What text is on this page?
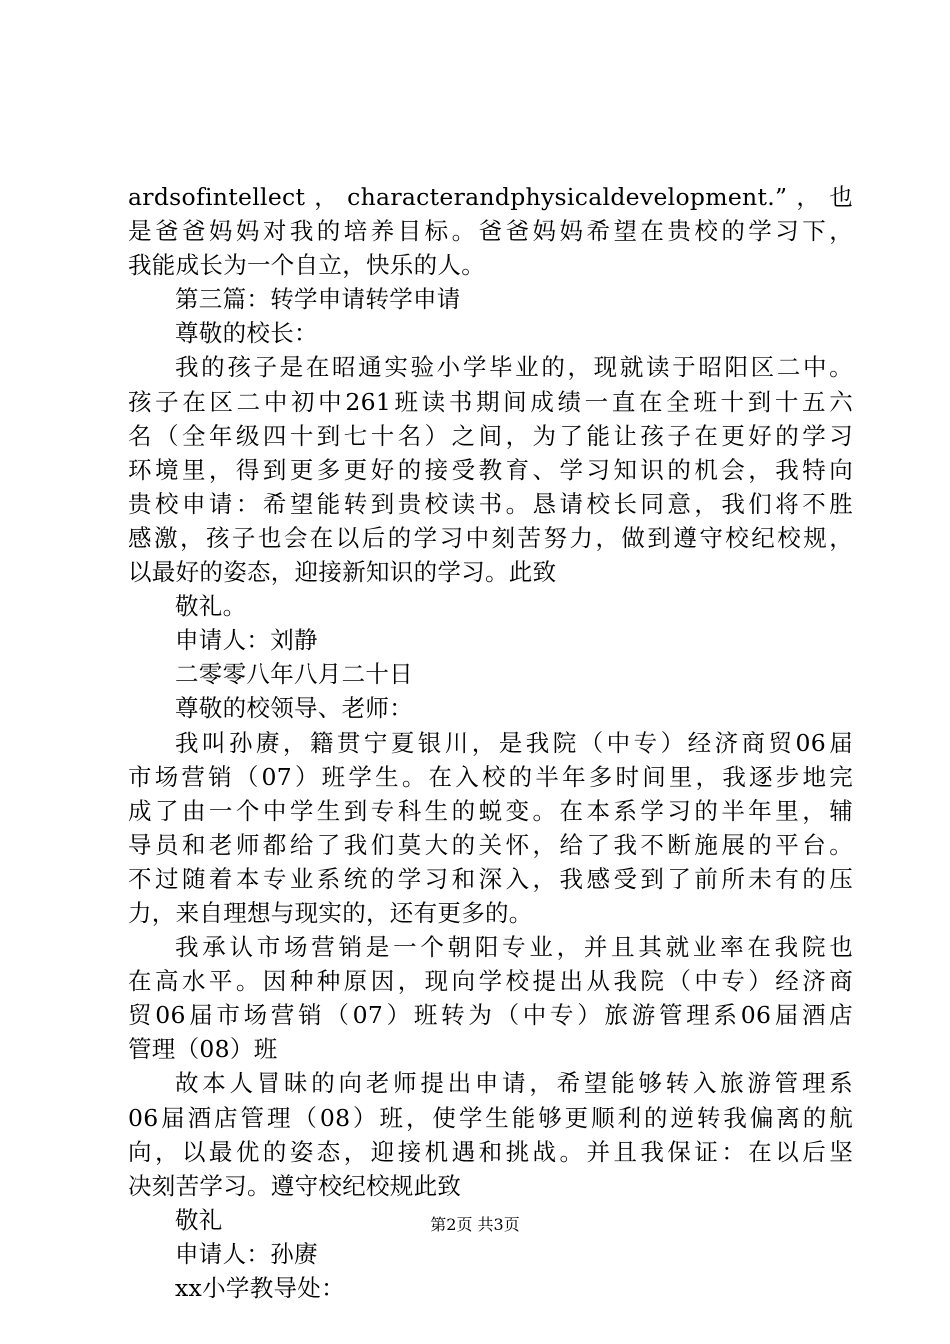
ardsofintellect，characterandphysicaldevelopment.”，也
是爸爸妈妈对我的培养目标。爸爸妈妈希望在贵校的学习下，
我能成长为一个自立，快乐的人。
第三篇：转学申请转学申请
尊敬的校长：
我的孩子是在昭通实验小学毕业的，现就读于昭阳区二中。
孩子在区二中初中261班读书期间成绩一直在全班十到十五六
名（全年级四十到七十名）之间，为了能让孩子在更好的学习
环境里，得到更多更好的接受教育、学习知识的机会，我特向
贵校申请：希望能转到贵校读书。恳请校长同意，我们将不胜
感激，孩子也会在以后的学习中刻苦努力，做到遵守校纪校规，
以最好的姿态，迎接新知识的学习。此致
敬礼。
申请人：刘静
二零零八年八月二十日
尊敬的校领导、老师：
我叫孙赓，籍贯宁夏银川，是我院（中专）经济商贸06届
市场营销（07）班学生。在入校的半年多时间里，我逐步地完
成了由一个中学生到专科生的蜕变。在本系学习的半年里，辅
导员和老师都给了我们莫大的关怀，给了我不断施展的平台。
不过随着本专业系统的学习和深入，我感受到了前所未有的压
力，来自理想与现实的，还有更多的。
我承认市场营销是一个朝阳专业，并且其就业率在我院也
在高水平。因种种原因，现向学校提出从我院（中专）经济商
贸06届市场营销（07）班转为（中专）旅游管理系06届酒店
管理（08）班
故本人冒昧的向老师提出申请，希望能够转入旅游管理系
06届酒店管理（08）班，使学生能够更顺利的逆转我偏离的航
向，以最优的姿态，迎接机遇和挑战。并且我保证：在以后坚
决刻苦学习。遵守校纪校规此致
敬礼
申请人：孙赓
xx小学教导处：
第2页 共3页
